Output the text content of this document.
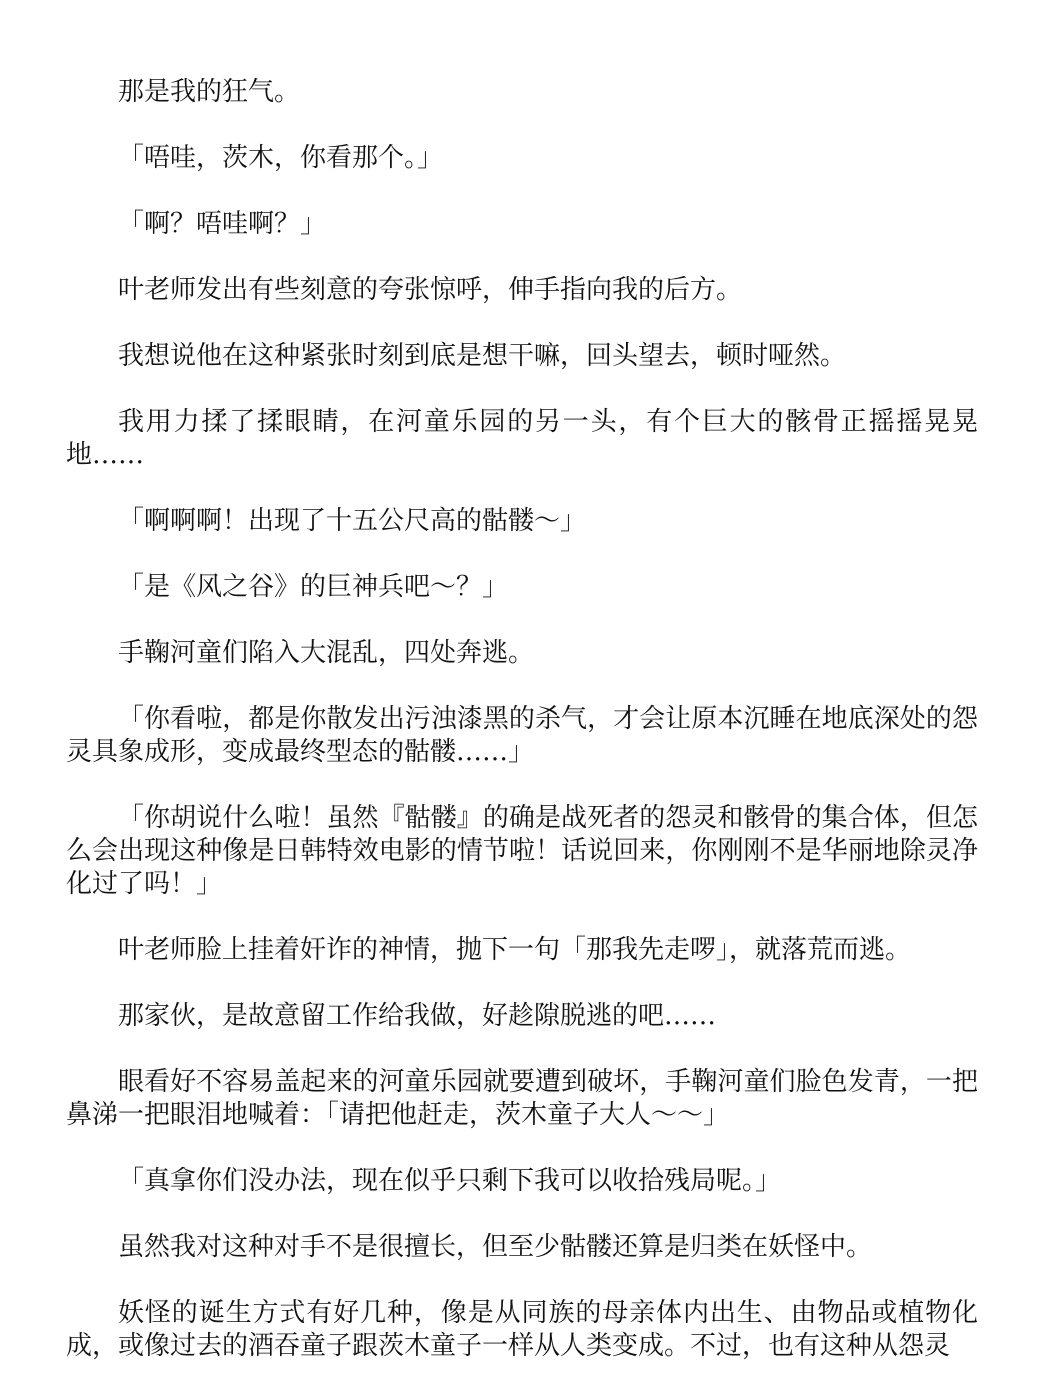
那是我的狂气。

「唔哇，茨木，你看那个。」

「啊？唔哇啊？」

叶老师发出有些刻意的夸张惊呼，伸手指向我的后方。

我想说他在这种紧张时刻到底是想干嘛，回头望去，顿时哑然。

我用力揉了揉眼睛，在河童乐园的另一头，有个巨大的骸骨正摇摇晃晃地……

「啊啊啊！出现了十五公尺高的骷髅～」

「是《风之谷》的巨神兵吧～？」

手鞠河童们陷入大混乱，四处奔逃。

「你看啦，都是你散发出污浊漆黑的杀气，才会让原本沉睡在地底深处的怨灵具象成形，变成最终型态的骷髅……」

「你胡说什么啦！虽然『骷髅』的确是战死者的怨灵和骸骨的集合体，但怎么会出现这种像是日韩特效电影的情节啦！话说回来，你刚刚不是华丽地除灵净化过了吗！」

叶老师脸上挂着奸诈的神情，抛下一句「那我先走啰」，就落荒而逃。

那家伙，是故意留工作给我做，好趁隙脱逃的吧……

眼看好不容易盖起来的河童乐园就要遭到破坏，手鞠河童们脸色发青，一把鼻涕一把眼泪地喊着：「请把他赶走，茨木童子大人～～」

「真拿你们没办法，现在似乎只剩下我可以收拾残局呢。」

虽然我对这种对手不是很擅长，但至少骷髅还算是归类在妖怪中。

妖怪的诞生方式有好几种，像是从同族的母亲体内出生、由物品或植物化成，或像过去的酒吞童子跟茨木童子一样从人类变成。不过，也有这种从怨灵
